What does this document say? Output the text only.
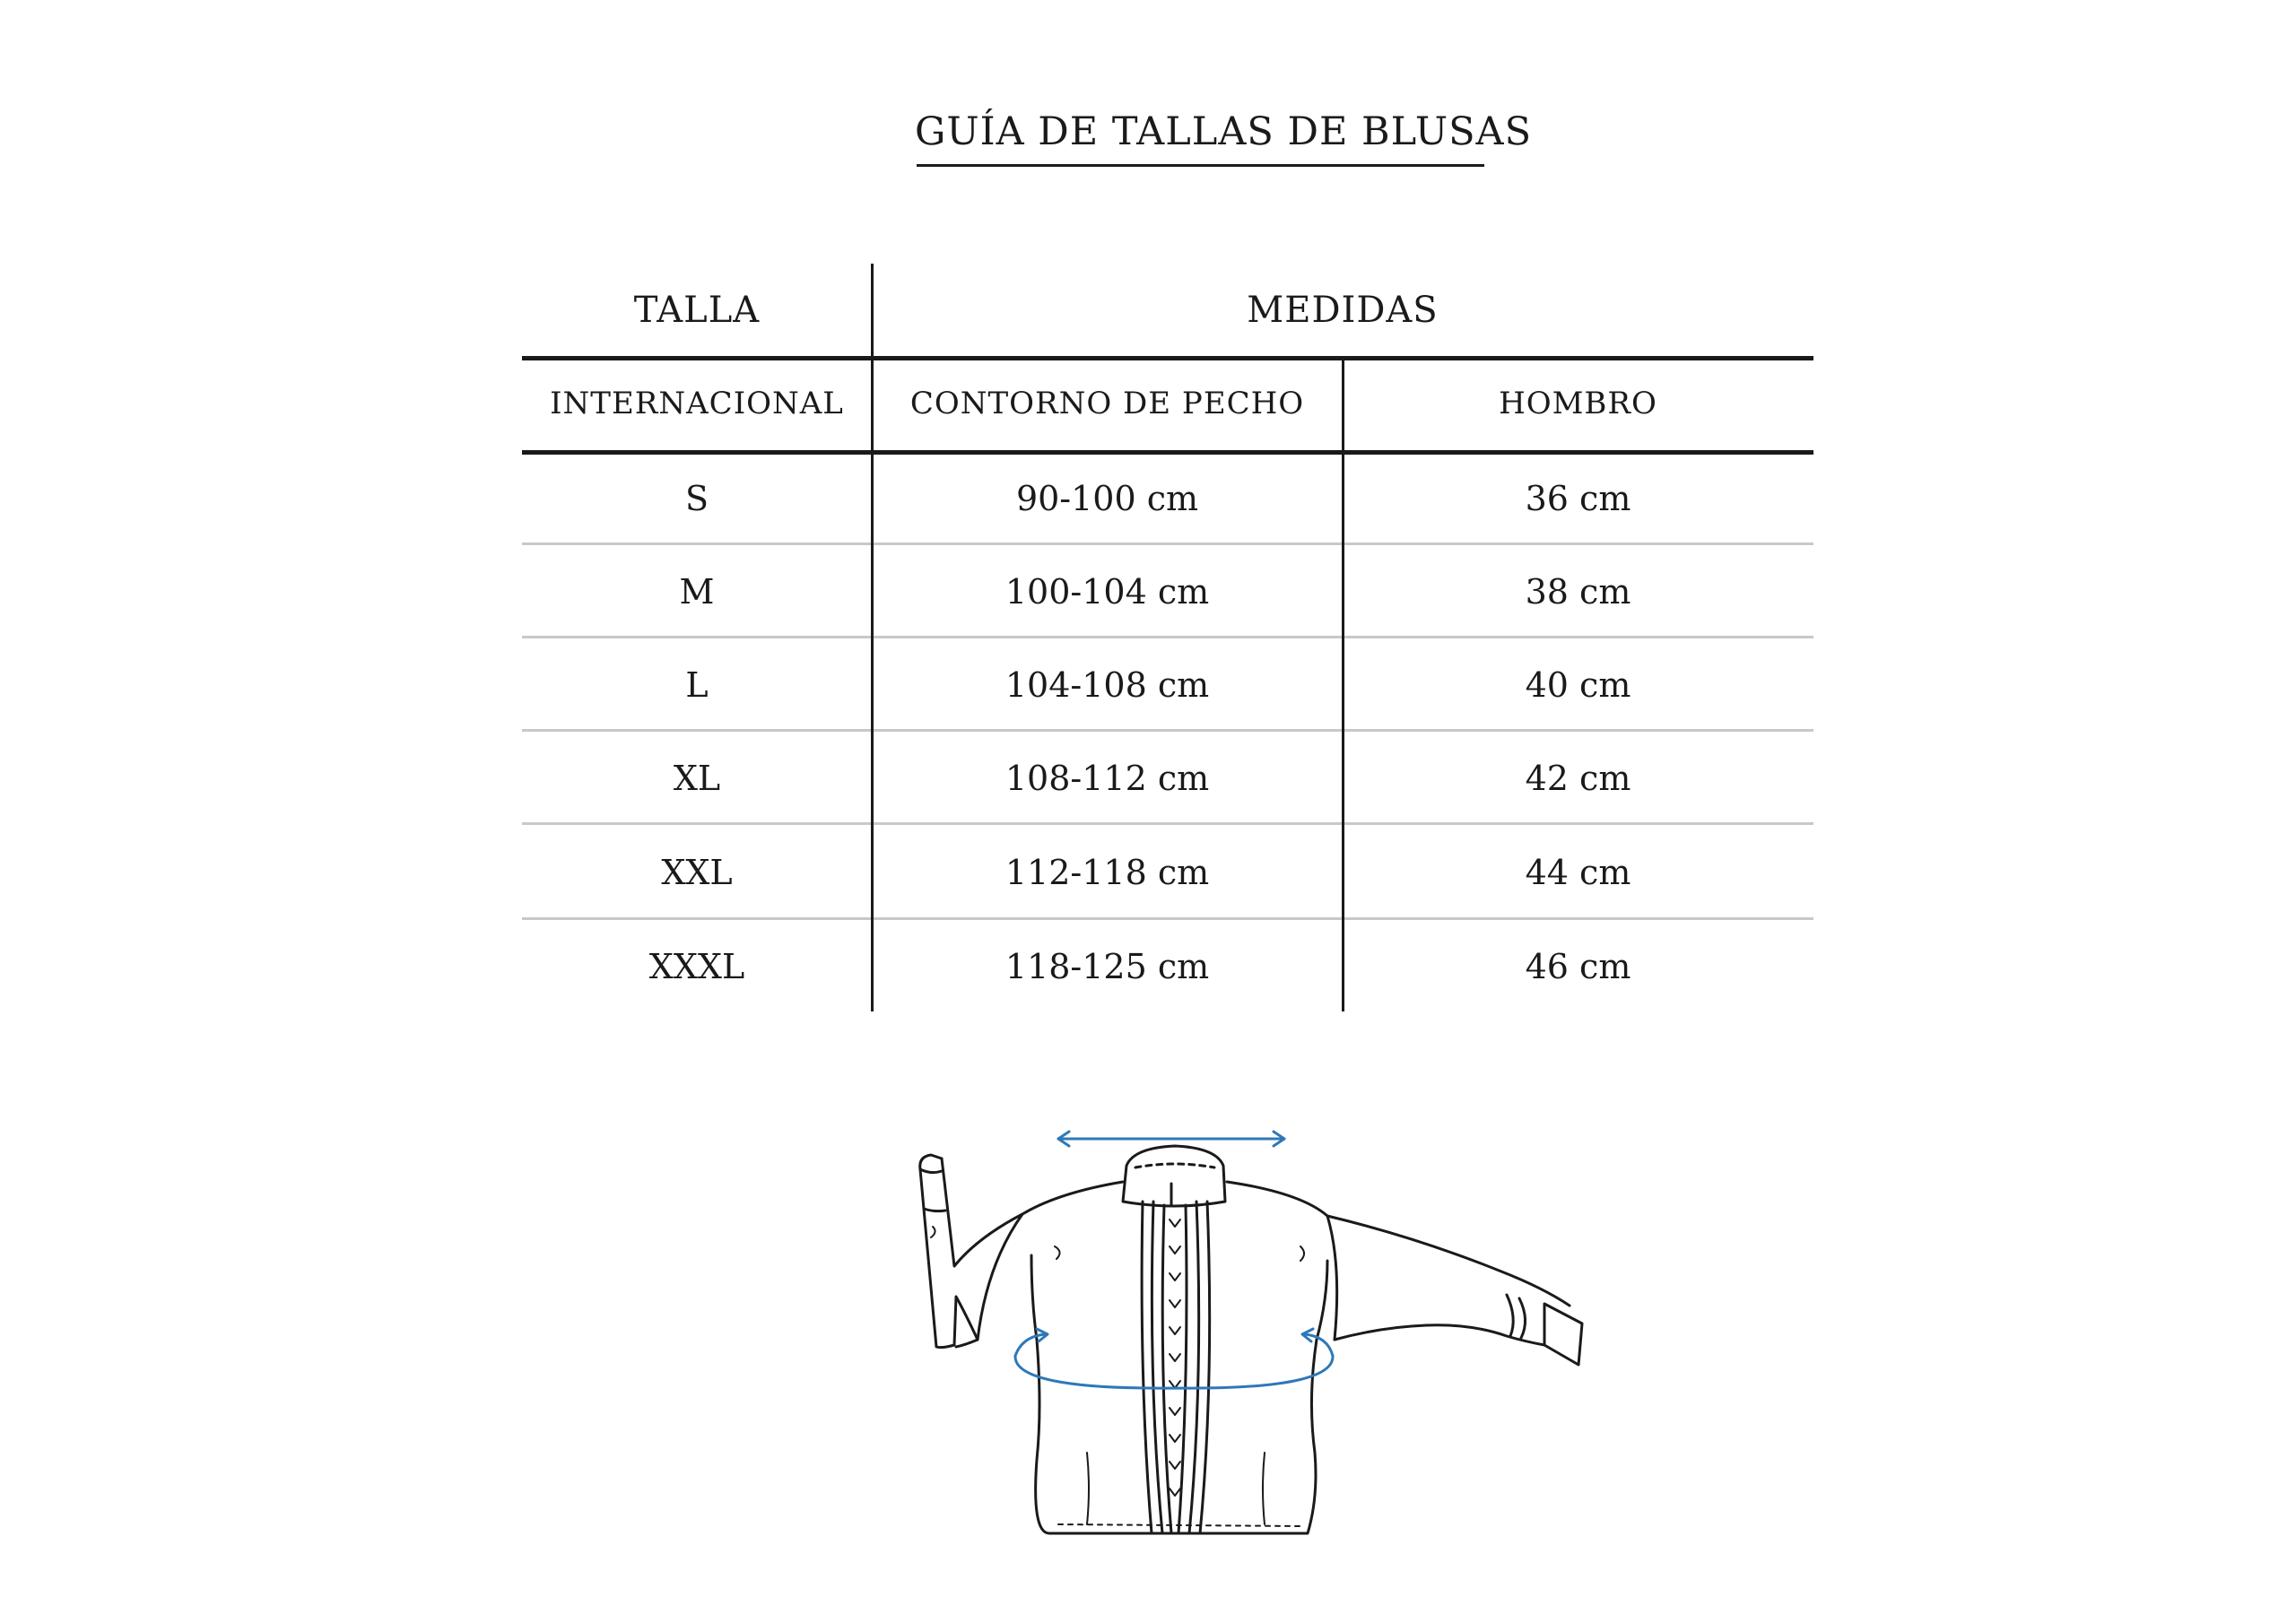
GUÍA DE TALLAS DE BLUSAS
TALLA	MEDIDAS
INTERNACIONAL	CONTORNO DE PECHO	HOMBRO
S	90-100 cm	36 cm
M	100-104 cm	38 cm
L	104-108 cm	40 cm
XL	108-112 cm	42 cm
XXL	112-118 cm	44 cm
XXXL	118-125 cm	46 cm
